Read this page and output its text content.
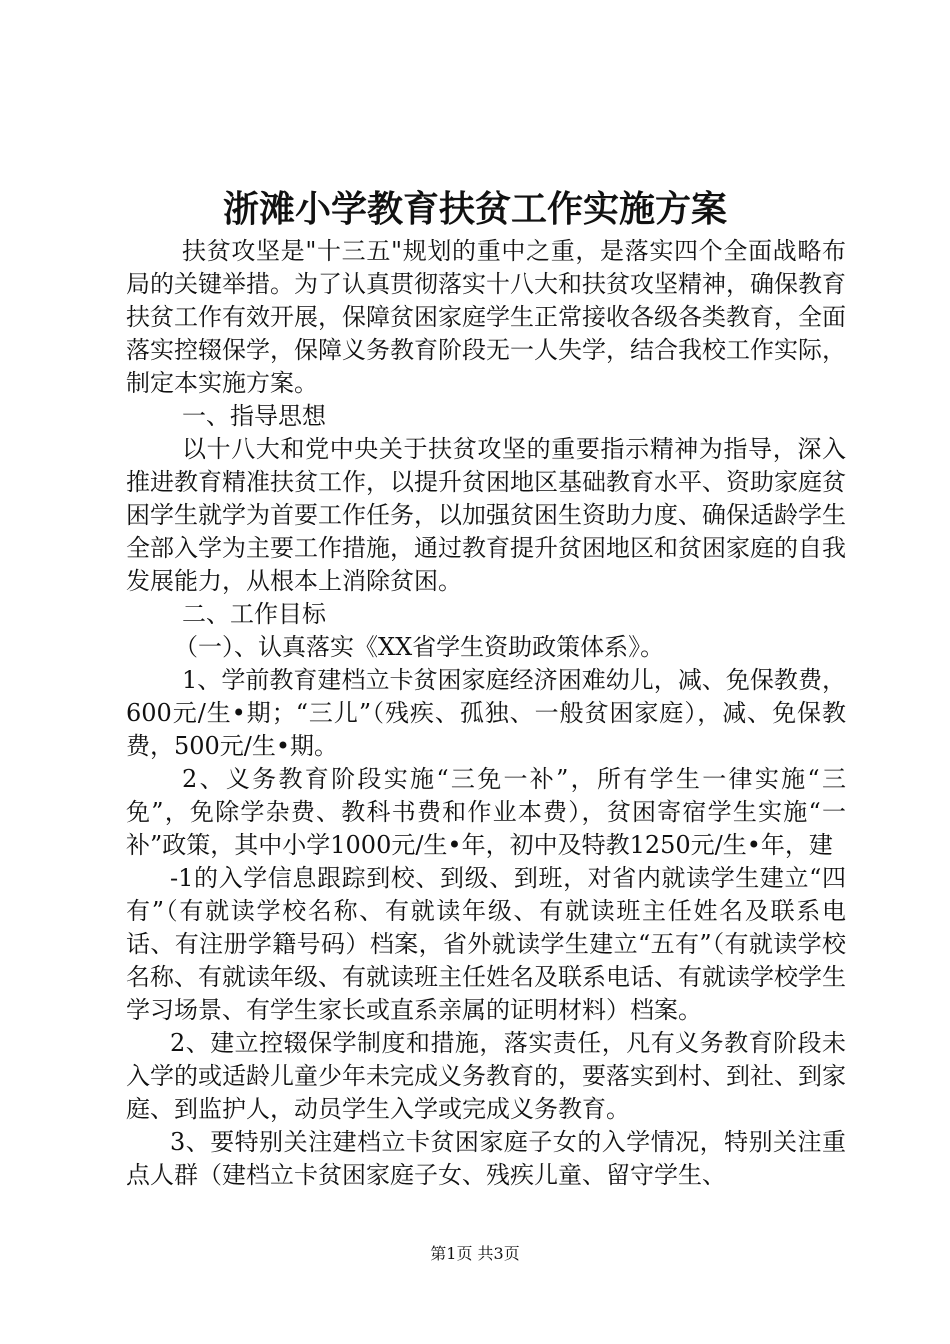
浙滩小学教育扶贫工作实施方案

扶贫攻坚是"十三五"规划的重中之重，是落实四个全面战略布局的关键举措。为了认真贯彻落实十八大和扶贫攻坚精神，确保教育扶贫工作有效开展，保障贫困家庭学生正常接收各级各类教育，全面落实控辍保学，保障义务教育阶段无一人失学，结合我校工作实际，制定本实施方案。

一、指导思想

以十八大和党中央关于扶贫攻坚的重要指示精神为指导，深入推进教育精准扶贫工作，以提升贫困地区基础教育水平、资助家庭贫困学生就学为首要工作任务，以加强贫困生资助力度、确保适龄学生全部入学为主要工作措施，通过教育提升贫困地区和贫困家庭的自我发展能力，从根本上消除贫困。

二、工作目标

（一）、认真落实《XX省学生资助政策体系》。

1、学前教育建档立卡贫困家庭经济困难幼儿，减、免保教费，600元/生•期；“三儿”（残疾、孤独、一般贫困家庭），减、免保教费，500元/生•期。

2、义务教育阶段实施“三免一补”，所有学生一律实施“三免”，免除学杂费、教科书费和作业本费），贫困寄宿学生实施“一补”政策，其中小学1000元/生•年，初中及特教1250元/生•年，建

-1的入学信息跟踪到校、到级、到班，对省内就读学生建立“四有”（有就读学校名称、有就读年级、有就读班主任姓名及联系电话、有注册学籍号码）档案，省外就读学生建立“五有”（有就读学校名称、有就读年级、有就读班主任姓名及联系电话、有就读学校学生学习场景、有学生家长或直系亲属的证明材料）档案。

2、建立控辍保学制度和措施，落实责任，凡有义务教育阶段未入学的或适龄儿童少年未完成义务教育的，要落实到村、到社、到家庭、到监护人，动员学生入学或完成义务教育。

3、要特别关注建档立卡贫困家庭子女的入学情况，特别关注重点人群（建档立卡贫困家庭子女、残疾儿童、留守学生、

第1页 共3页
